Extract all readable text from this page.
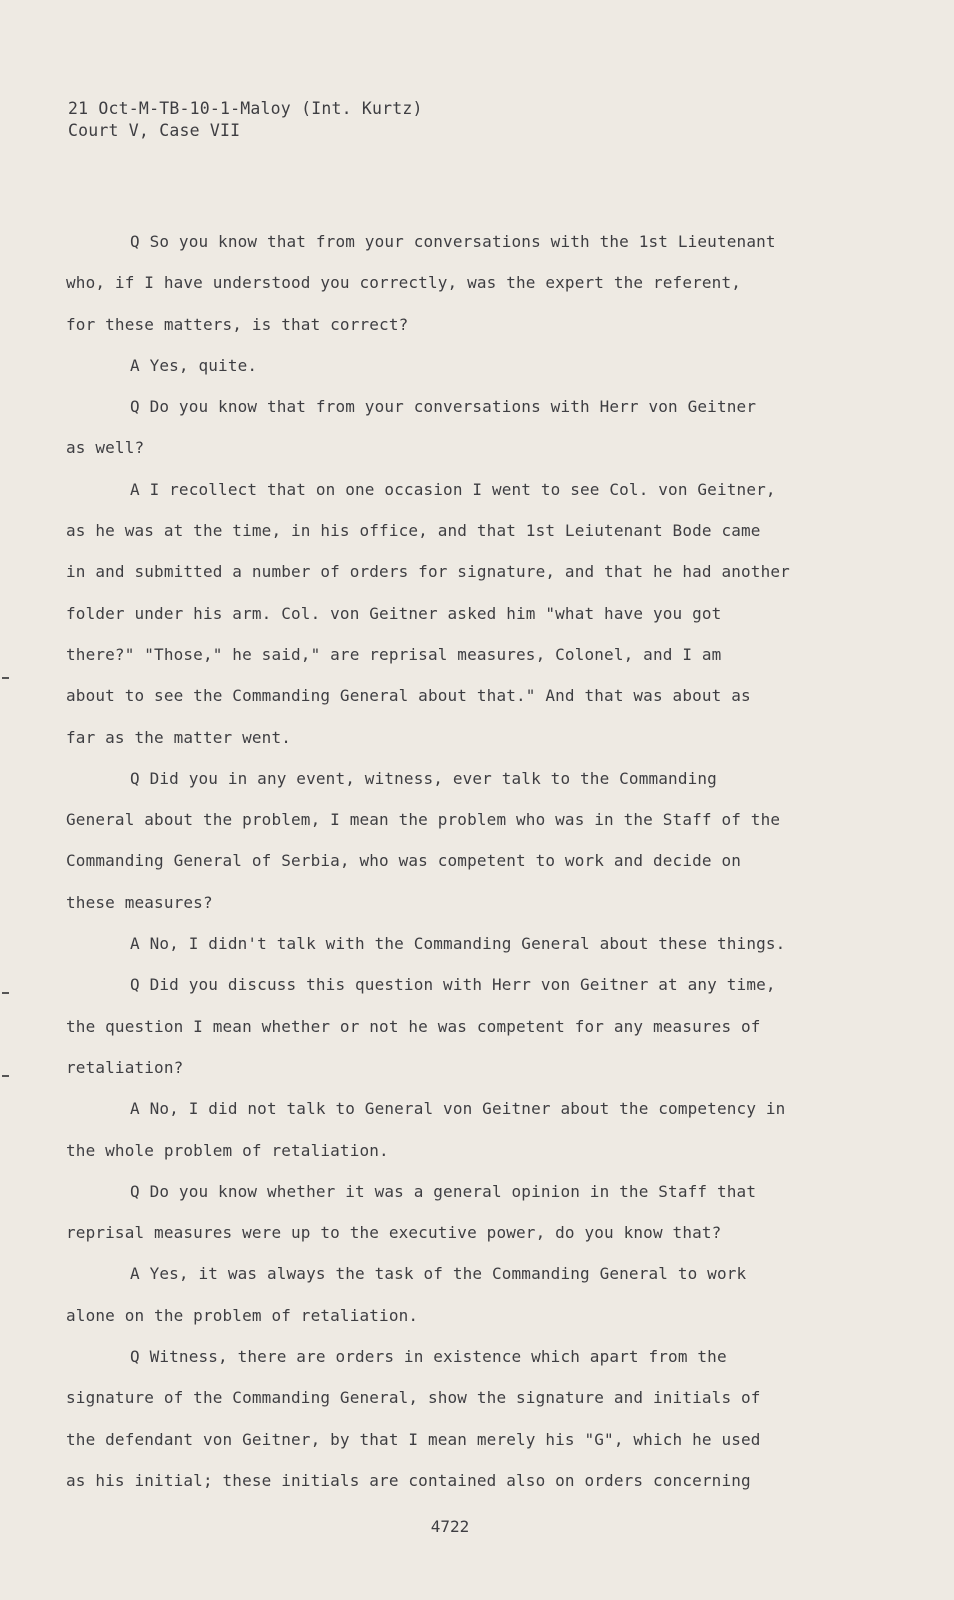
21 Oct-M-TB-10-1-Maloy (Int. Kurtz)
Court V, Case VII
Q So you know that from your conversations with the 1st Lieutenant
who, if I have understood you correctly, was the expert the referent,
for these matters, is that correct?
A Yes, quite.
Q Do you know that from your conversations with Herr von Geitner
as well?
A I recollect that on one occasion I went to see Col. von Geitner,
as he was at the time, in his office, and that 1st Leiutenant Bode came
in and submitted a number of orders for signature, and that he had another
folder under his arm. Col. von Geitner asked him "what have you got
there?" "Those," he said," are reprisal measures, Colonel, and I am
about to see the Commanding General about that." And that was about as
far as the matter went.
Q Did you in any event, witness, ever talk to the Commanding
General about the problem, I mean the problem who was in the Staff of the
Commanding General of Serbia, who was competent to work and decide on
these measures?
A No, I didn't talk with the Commanding General about these things.
Q Did you discuss this question with Herr von Geitner at any time,
the question I mean whether or not he was competent for any measures of
retaliation?
A No, I did not talk to General von Geitner about the competency in
the whole problem of retaliation.
Q Do you know whether it was a general opinion in the Staff that
reprisal measures were up to the executive power, do you know that?
A Yes, it was always the task of the Commanding General to work
alone on the problem of retaliation.
Q Witness, there are orders in existence which apart from the
signature of the Commanding General, show the signature and initials of
the defendant von Geitner, by that I mean merely his "G", which he used
as his initial; these initials are contained also on orders concerning
4722
